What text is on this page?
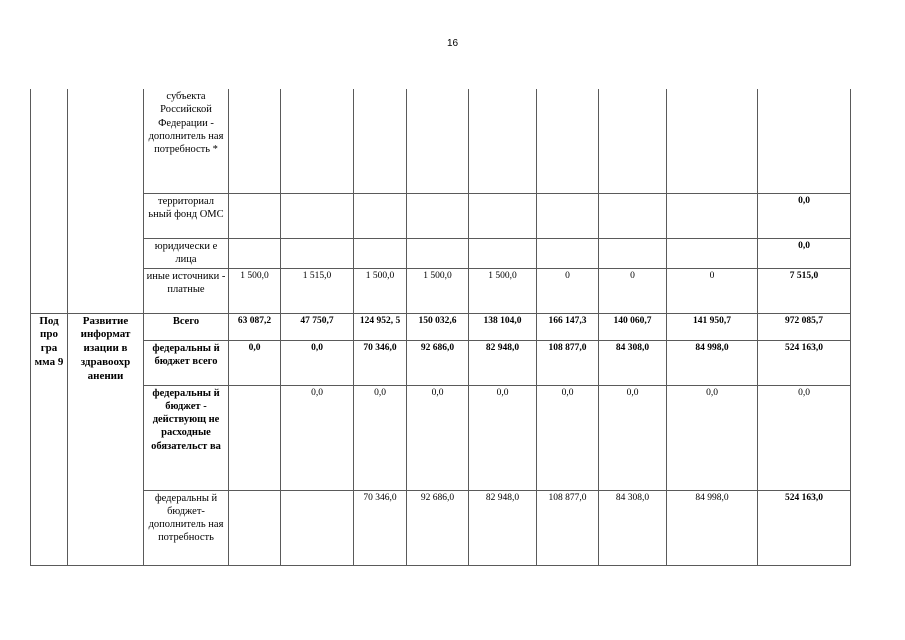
16
		субъекта Российской Федерации - дополнитель ная потребность *									
		территориал ьный фонд ОМС									0,0
		юридически е лица									0,0
		иные источники - платные	1 500,0	1 515,0	1 500,0	1 500,0	1 500,0	0	0	0	7 515,0
Под про гра мма 9	Развитие информат изации в здравоохр анении	Всего	63 087,2	47 750,7	124 952, 5	150 032,6	138 104,0	166 147,3	140 060,7	141 950,7	972 085,7
		федеральны й бюджет всего	0,0	0,0	70 346,0	92 686,0	82 948,0	108 877,0	84 308,0	84 998,0	524 163,0
		федеральны й бюджет - действующ не расходные обязательст ва		0,0	0,0	0,0	0,0	0,0	0,0	0,0	0,0
		федеральны й бюджет- дополнитель ная потребность			70 346,0	92 686,0	82 948,0	108 877,0	84 308,0	84 998,0	524 163,0
